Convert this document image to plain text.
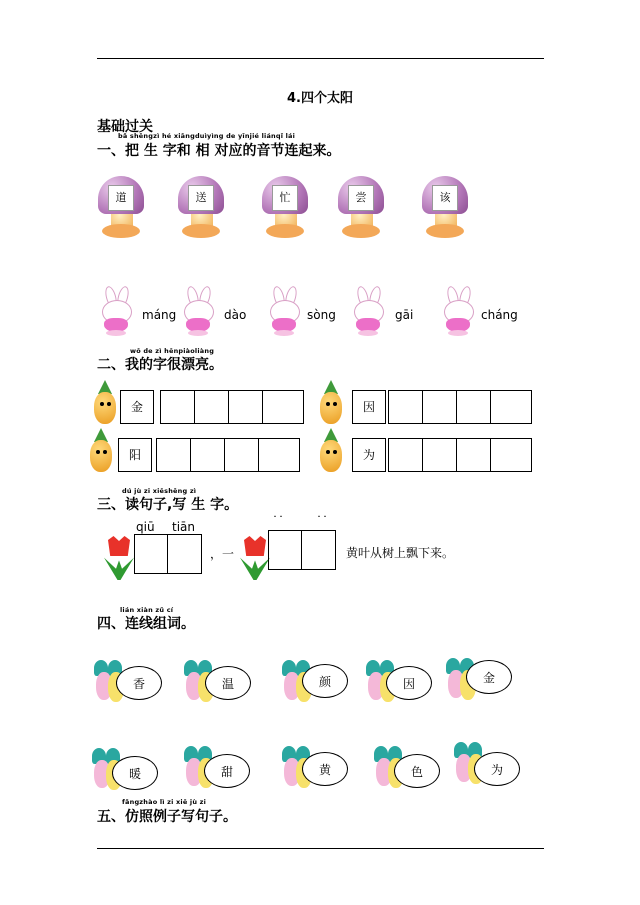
4.四个太阳
基础过关
bǎ shēngzì hé xiāngduìyìng de yīnjié liánqǐ lái
一、把 生 字和 相 对应的音节连起来。
道	送	忙	尝	该
máng	dào	sòng	gāi	cháng
wǒ de zì hěnpiàoliàng
二、我的字很漂亮。
金	因
阳	为
dú jù zi xiěshēng zì
三、读句子,写 生 字。
qiū tiān
，一
˙˙	˙˙
黄叶从树上飘下来。
lián xiàn zǔ cí
四、连线组词。
香	温	颜	因	金
暖	甜	黄	色	为
fǎngzhào lì zi xiě jù zi
五、仿照例子写句子。
